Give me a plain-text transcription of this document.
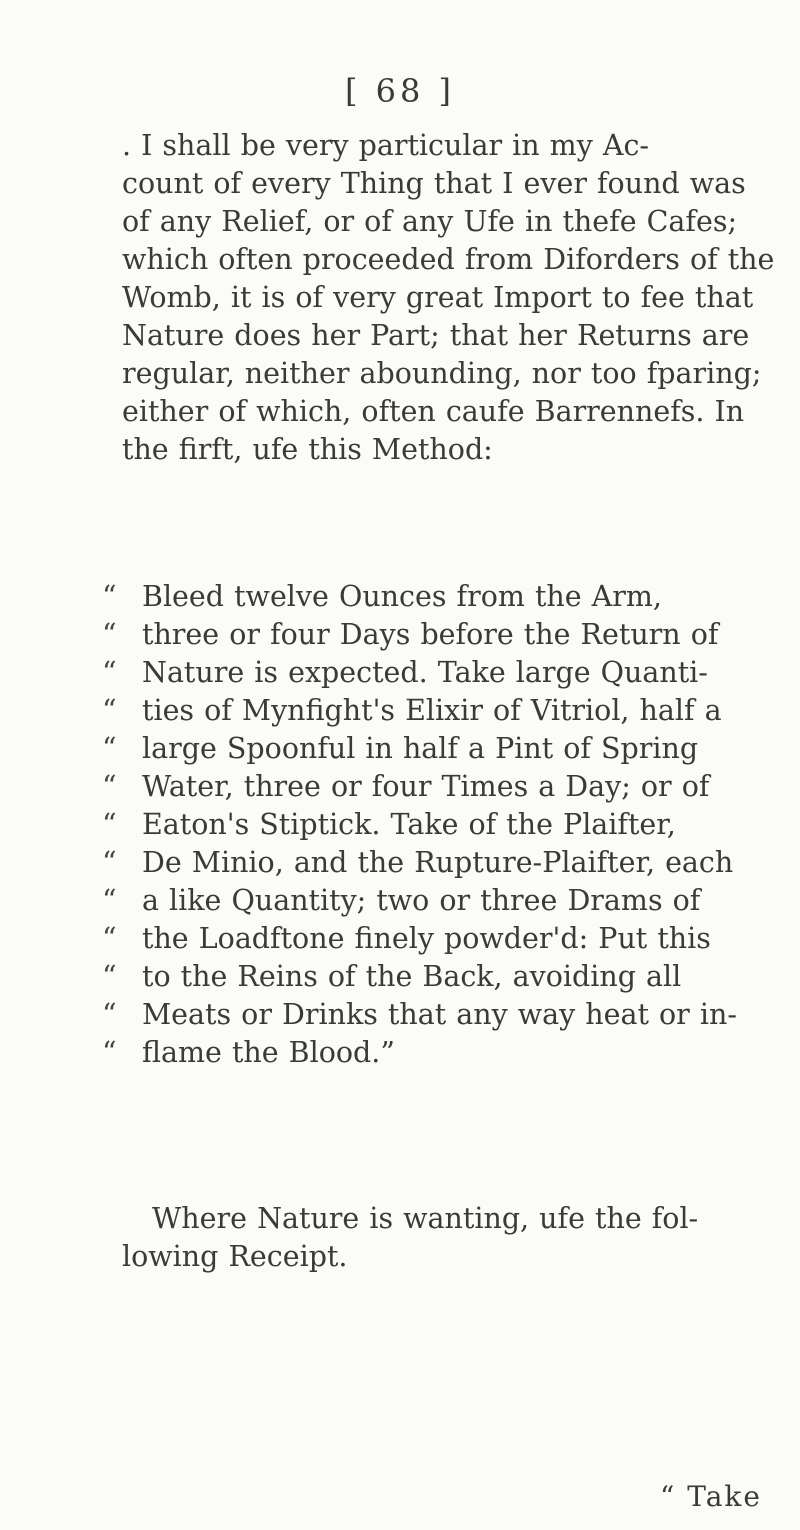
[ 68 ]
. I shall be very particular in my Ac-
count of every Thing that I ever found was
of any Relief, or of any Ufe in thefe Cafes;
which often proceeded from Diforders of the
Womb, it is of very great Import to fee that
Nature does her Part; that her Returns are
regular, neither abounding, nor too fparing;
either of which, often caufe Barrennefs. In
the firft, ufe this Method:
“ Bleed twelve Ounces from the Arm,
“ three or four Days before the Return of
“ Nature is expected. Take large Quanti-
“ ties of Mynfight's Elixir of Vitriol, half a
“ large Spoonful in half a Pint of Spring
“ Water, three or four Times a Day; or of
“ Eaton's Stiptick. Take of the Plaifter,
“ De Minio, and the Rupture-Plaifter, each
“ a like Quantity; two or three Drams of
“ the Loadftone finely powder'd: Put this
“ to the Reins of the Back, avoiding all
“ Meats or Drinks that any way heat or in-
“ flame the Blood.”
Where Nature is wanting, ufe the fol-
lowing Receipt.
“ Take
